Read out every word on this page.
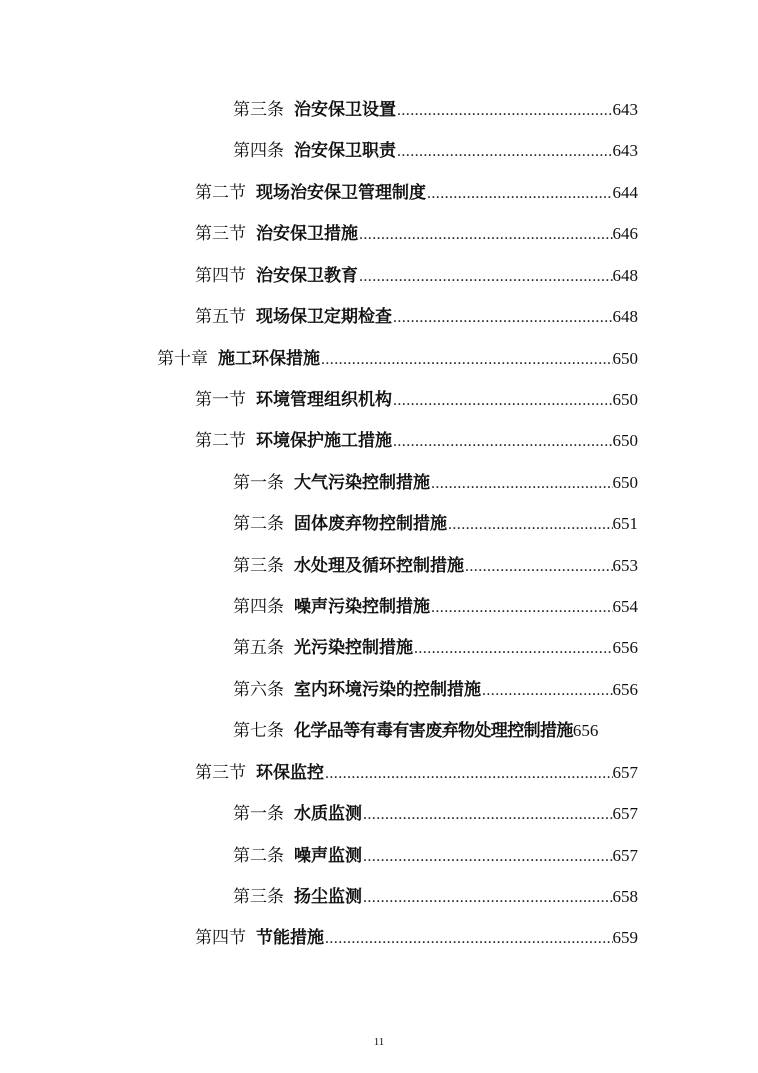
第三条 治安保卫设置 .....	643
第四条 治安保卫职责 .....	643
第二节 现场治安保卫管理制度 .....	644
第三节 治安保卫措施 .....	646
第四节 治安保卫教育 .....	648
第五节 现场保卫定期检查 .....	648
第十章 施工环保措施 .....	650
第一节 环境管理组织机构 .....	650
第二节 环境保护施工措施 .....	650
第一条 大气污染控制措施 .....	650
第二条 固体废弃物控制措施 .....	651
第三条 水处理及循环控制措施 .....	653
第四条 噪声污染控制措施 .....	654
第五条 光污染控制措施 .....	656
第六条 室内环境污染的控制措施 .....	656
第七条 化学品等有毒有害废弃物处理控制措施 656
第三节 环保监控 .....	657
第一条 水质监测 .....	657
第二条 噪声监测 .....	657
第三条 扬尘监测 .....	658
第四节 节能措施 .....	659
11
